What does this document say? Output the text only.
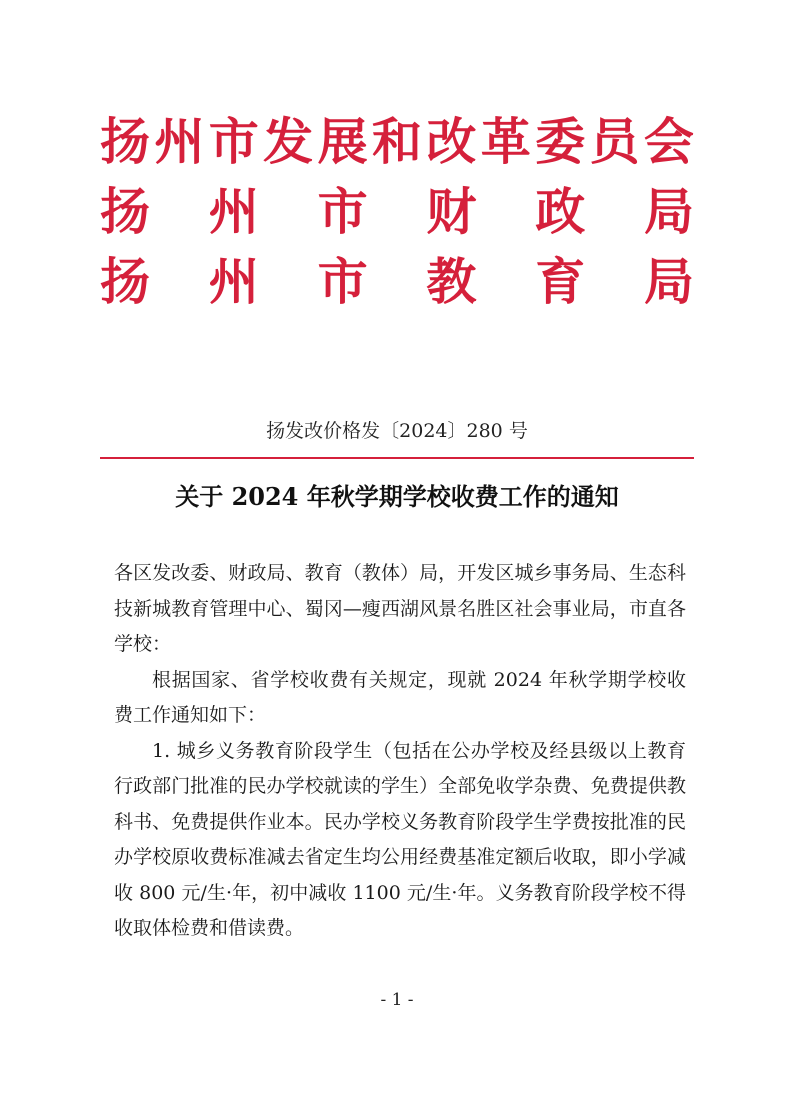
扬 州 市 发 展 和 改 革 委 员 会
扬 州 市 财 政 局
扬 州 市 教 育 局
扬发改价格发〔2024〕280 号
关于 2024 年秋学期学校收费工作的通知

各区发改委、财政局、教育（教体）局，开发区城乡事务局、生态科技新城教育管理中心、蜀冈—瘦西湖风景名胜区社会事业局，市直各学校：

根据国家、省学校收费有关规定，现就 2024 年秋学期学校收费工作通知如下：

1. 城乡义务教育阶段学生（包括在公办学校及经县级以上教育行政部门批准的民办学校就读的学生）全部免收学杂费、免费提供教科书、免费提供作业本。民办学校义务教育阶段学生学费按批准的民办学校原收费标准减去省定生均公用经费基准定额后收取，即小学减收 800 元/生·年，初中减收 1100 元/生·年。义务教育阶段学校不得收取体检费和借读费。

- 1 -
